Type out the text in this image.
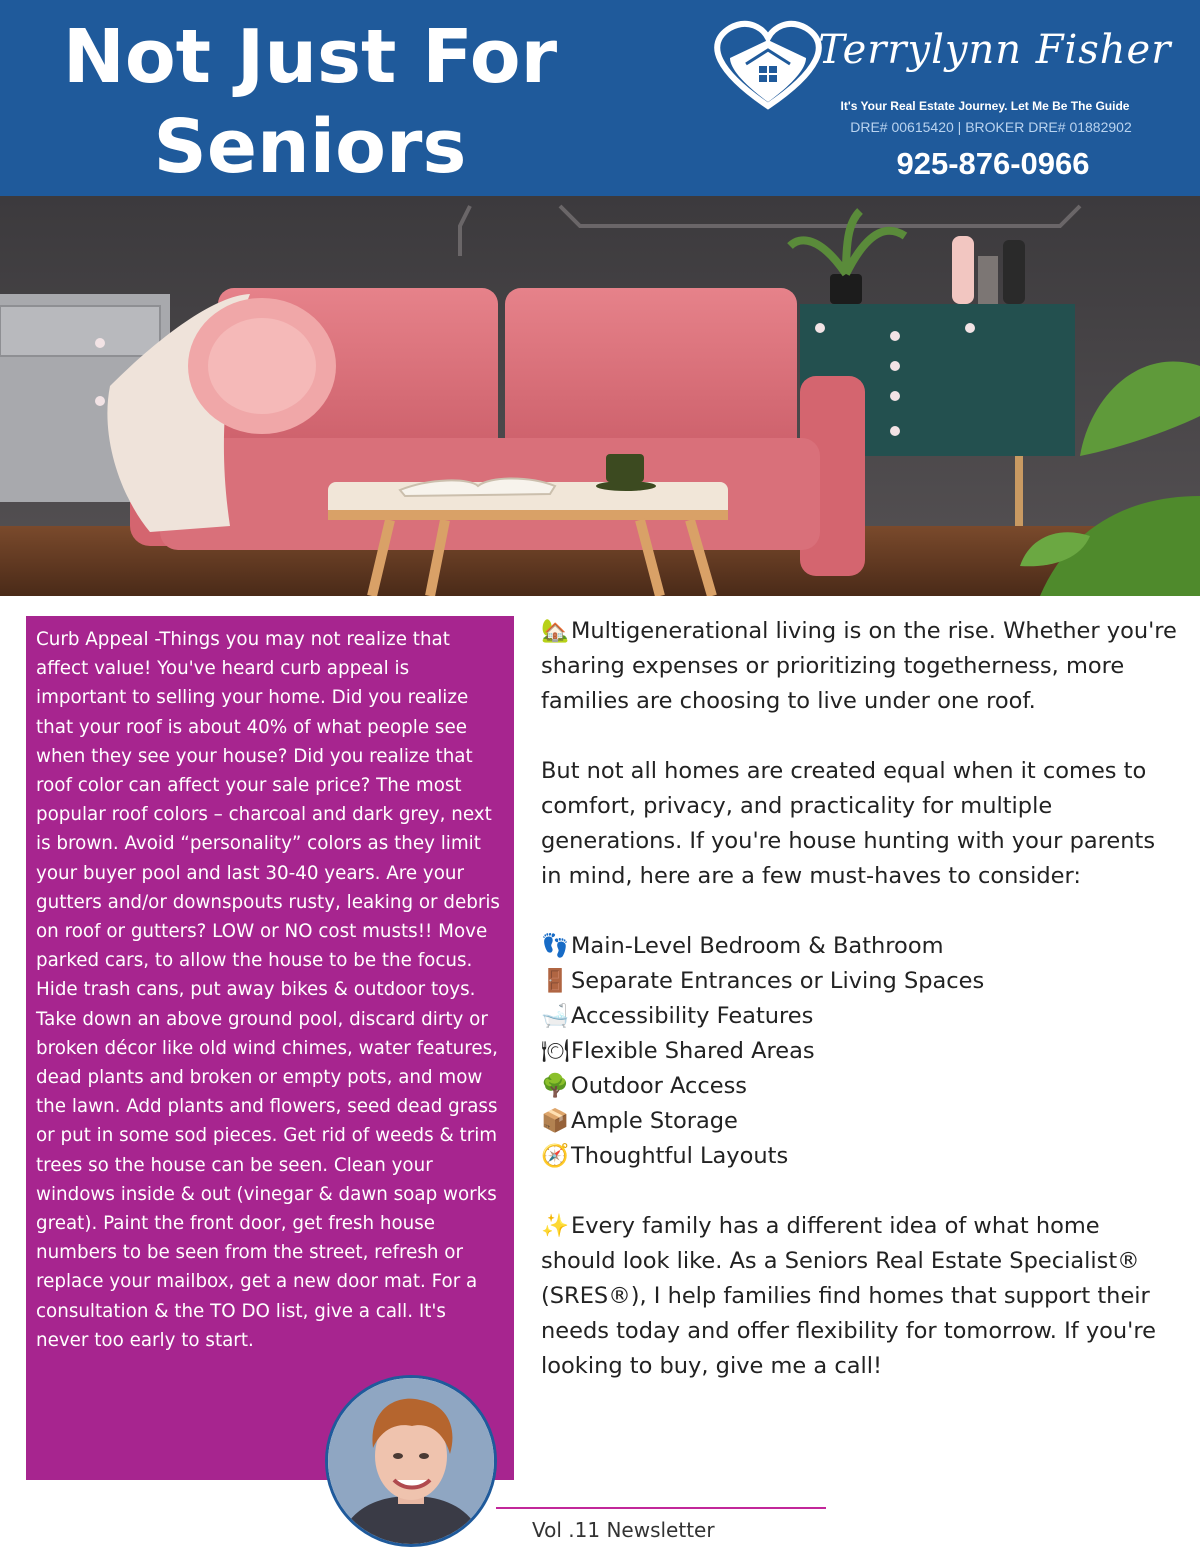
Not Just For
Seniors
Terrylynn Fisher
It's Your Real Estate Journey. Let Me Be The Guide
DRE# 00615420 | BROKER DRE# 01882902
925-876-0966

Curb Appeal -Things you may not realize that affect value! You've heard curb appeal is important to selling your home. Did you realize that your roof is about 40% of what people see when they see your house? Did you realize that roof color can affect your sale price? The most popular roof colors – charcoal and dark grey, next is brown. Avoid “personality” colors as they limit your buyer pool and last 30-40 years. Are your gutters and/or downspouts rusty, leaking or debris on roof or gutters? LOW or NO cost musts!! Move parked cars, to allow the house to be the focus. Hide trash cans, put away bikes & outdoor toys. Take down an above ground pool, discard dirty or broken décor like old wind chimes, water features, dead plants and broken or empty pots, and mow the lawn. Add plants and flowers, seed dead grass or put in some sod pieces. Get rid of weeds & trim trees so the house can be seen. Clean your windows inside & out (vinegar & dawn soap works great). Paint the front door, get fresh house numbers to be seen from the street, refresh or replace your mailbox, get a new door mat. For a consultation & the TO DO list, give a call. It's never too early to start.

🏡Multigenerational living is on the rise. Whether you're sharing expenses or prioritizing togetherness, more families are choosing to live under one roof.

But not all homes are created equal when it comes to comfort, privacy, and practicality for multiple generations. If you're house hunting with your parents in mind, here are a few must-haves to consider:

👣Main-Level Bedroom & Bathroom
🚪Separate Entrances or Living Spaces
🛁Accessibility Features
🍽Flexible Shared Areas
🌳Outdoor Access
📦Ample Storage
🧭Thoughtful Layouts

✨Every family has a different idea of what home should look like. As a Seniors Real Estate Specialist® (SRES®), I help families find homes that support their needs today and offer flexibility for tomorrow. If you're looking to buy, give me a call!

Vol .11 Newsletter
